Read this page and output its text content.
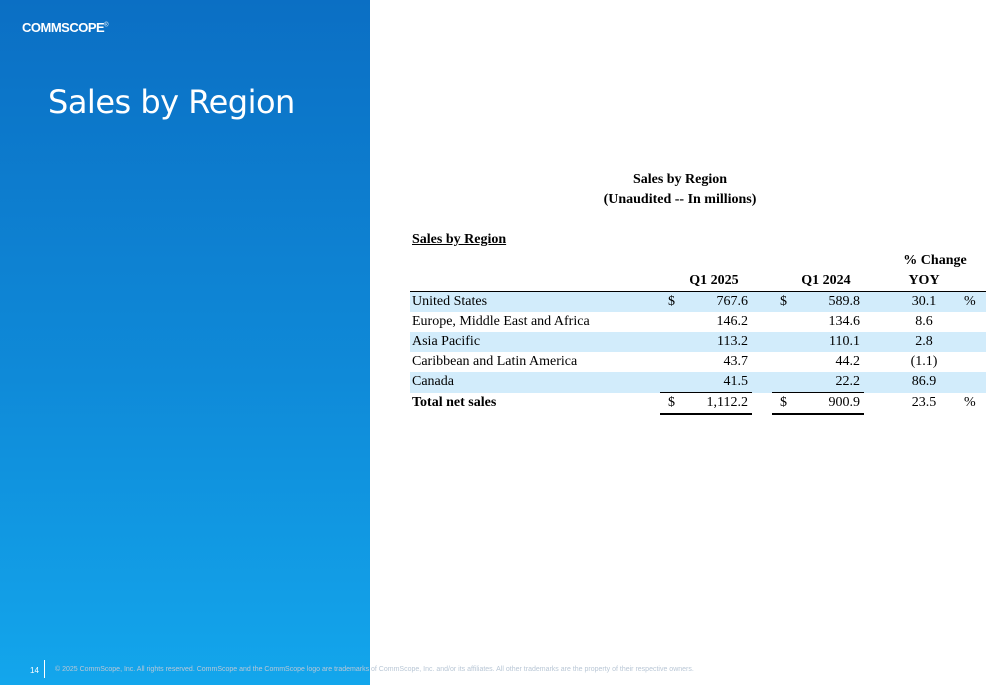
COMMSCOPE®
Sales by Region
14 © 2025 CommScope, Inc. All rights reserved. CommScope and the CommScope logo are trademarks of CommScope, Inc. and/or its affiliates. All other trademarks are the property of their respective owners.
Sales by Region
(Unaudited -- In millions)
Sales by Region
							% Change	
		Q1 2025			Q1 2024		YOY	
United States	$	767.6		$	589.8		30.1	%
Europe, Middle East and Africa		146.2			134.6		8.6	
Asia Pacific		113.2			110.1		2.8	
Caribbean and Latin America		43.7			44.2		(1.1)	
Canada		41.5			22.2		86.9	
Total net sales	$	1,112.2		$	900.9		23.5	%
